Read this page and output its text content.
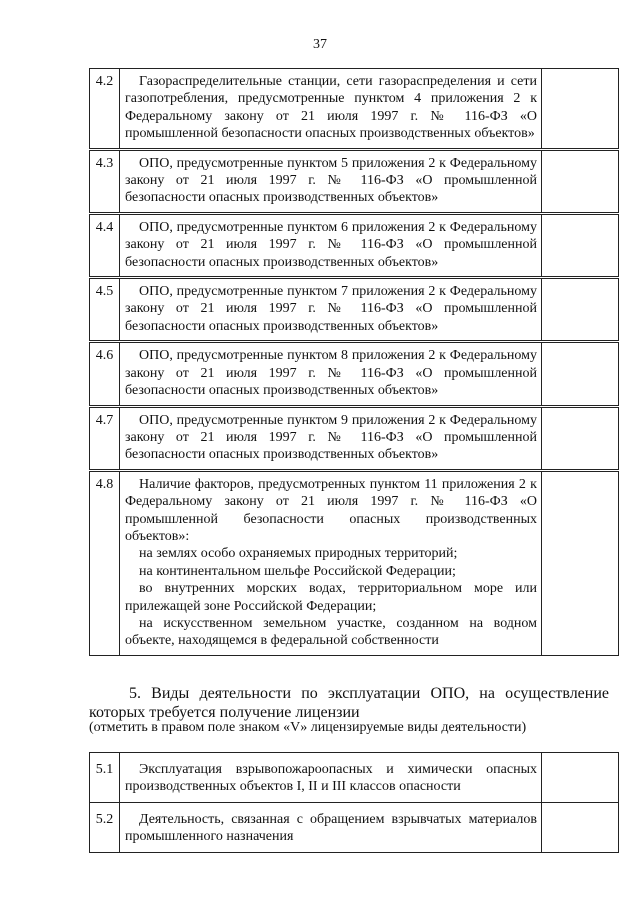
37
4.2	Газораспределительные станции, сети газораспределения и сети газопотребления, предусмотренные пунктом 4 приложения 2 к Федеральному закону от 21 июля 1997 г. № 116-ФЗ «О промышленной безопасности опасных производственных объектов»	
4.3	ОПО, предусмотренные пунктом 5 приложения 2 к Федеральному закону от 21 июля 1997 г. № 116-ФЗ «О промышленной безопасности опасных производственных объектов»	
4.4	ОПО, предусмотренные пунктом 6 приложения 2 к Федеральному закону от 21 июля 1997 г. № 116-ФЗ «О промышленной безопасности опасных производственных объектов»	
4.5	ОПО, предусмотренные пунктом 7 приложения 2 к Федеральному закону от 21 июля 1997 г. № 116-ФЗ «О промышленной безопасности опасных производственных объектов»	
4.6	ОПО, предусмотренные пунктом 8 приложения 2 к Федеральному закону от 21 июля 1997 г. № 116-ФЗ «О промышленной безопасности опасных производственных объектов»	
4.7	ОПО, предусмотренные пунктом 9 приложения 2 к Федеральному закону от 21 июля 1997 г. № 116-ФЗ «О промышленной безопасности опасных производственных объектов»	
4.8	Наличие факторов, предусмотренных пунктом 11 приложения 2 к Федеральному закону от 21 июля 1997 г. № 116-ФЗ «О промышленной безопасности опасных производственных объектов»:
на землях особо охраняемых природных территорий;
на континентальном шельфе Российской Федерации;
во внутренних морских водах, территориальном море или прилежащей зоне Российской Федерации;
на искусственном земельном участке, созданном на водном объекте, находящемся в федеральной собственности	

5. Виды деятельности по эксплуатации ОПО, на осуществление которых требуется получение лицензии
(отметить в правом поле знаком «V» лицензируемые виды деятельности)
5.1	Эксплуатация взрывопожароопасных и химически опасных производственных объектов I, II и III классов опасности	
5.2	Деятельность, связанная с обращением взрывчатых материалов промышленного назначения	
